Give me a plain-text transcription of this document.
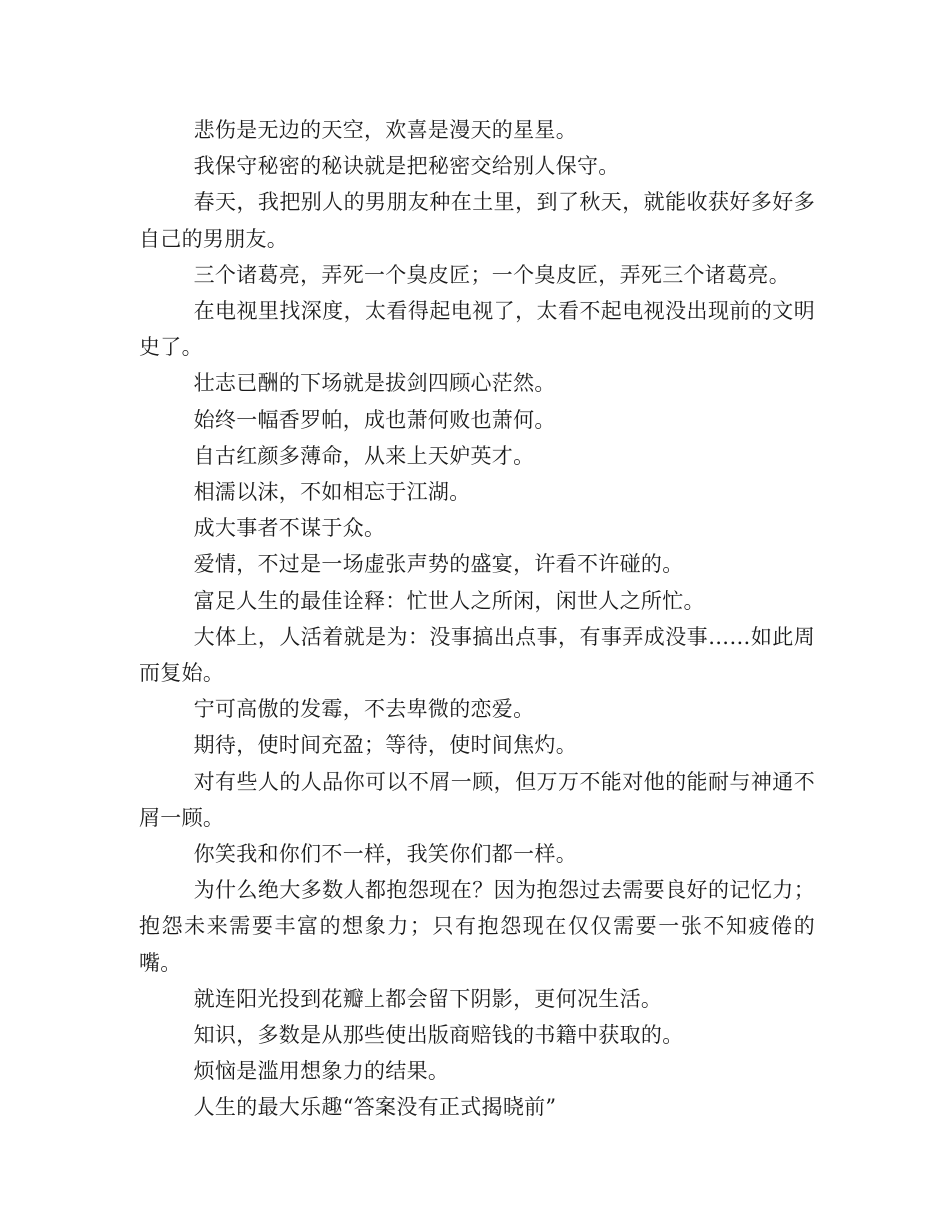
悲伤是无边的天空，欢喜是漫天的星星。

我保守秘密的秘诀就是把秘密交给别人保守。

春天，我把别人的男朋友种在土里，到了秋天，就能收获好多好多自己的男朋友。

三个诸葛亮，弄死一个臭皮匠；一个臭皮匠，弄死三个诸葛亮。

在电视里找深度，太看得起电视了，太看不起电视没出现前的文明史了。

壮志已酬的下场就是拔剑四顾心茫然。

始终一幅香罗帕，成也萧何败也萧何。

自古红颜多薄命，从来上天妒英才。

相濡以沫，不如相忘于江湖。

成大事者不谋于众。

爱情，不过是一场虚张声势的盛宴，许看不许碰的。

富足人生的最佳诠释：忙世人之所闲，闲世人之所忙。

大体上，人活着就是为：没事搞出点事，有事弄成没事……如此周而复始。

宁可高傲的发霉，不去卑微的恋爱。

期待，使时间充盈；等待，使时间焦灼。

对有些人的人品你可以不屑一顾，但万万不能对他的能耐与神通不屑一顾。

你笑我和你们不一样，我笑你们都一样。

为什么绝大多数人都抱怨现在？因为抱怨过去需要良好的记忆力；抱怨未来需要丰富的想象力；只有抱怨现在仅仅需要一张不知疲倦的嘴。

就连阳光投到花瓣上都会留下阴影，更何况生活。

知识，多数是从那些使出版商赔钱的书籍中获取的。

烦恼是滥用想象力的结果。

人生的最大乐趣“答案没有正式揭晓前”
